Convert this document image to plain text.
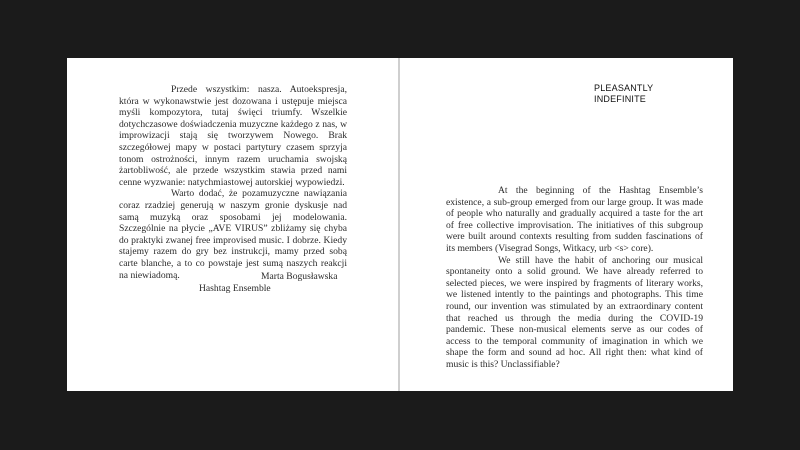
Przede wszystkim: nasza. Autoekspresja, która w wykonawstwie jest dozowana i ustępuje miejsca myśli kompozytora, tutaj święci triumfy. Wszelkie dotychczasowe doświadczenia muzyczne każdego z nas, w improwizacji stają się tworzywem Nowego. Brak szczegółowej mapy w postaci partytury czasem sprzyja tonom ostrożności, innym razem uruchamia swojską żartobliwość, ale przede wszystkim stawia przed nami cenne wyzwanie: natychmiastowej autorskiej wypowiedzi.

Warto dodać, że pozamuzyczne nawiązania coraz rzadziej generują w naszym gronie dyskusje nad samą muzyką oraz sposobami jej modelowania. Szczególnie na płycie „AVE VIRUS” zbliżamy się chyba do praktyki zwanej free improvised music. I dobrze. Kiedy stajemy razem do gry bez instrukcji, mamy przed sobą carte blanche, a to co powstaje jest sumą naszych reakcji na niewiadomą.	Marta Bogusławska
Hashtag Ensemble
PLEASANTLY
INDEFINITE

At the beginning of the Hashtag Ensemble’s existence, a sub-group emerged from our large group. It was made of people who naturally and gradually acquired a taste for the art of free collective improvisation. The initiatives of this subgroup were built around contexts resulting from sudden fascinations of its members (Visegrad Songs, Witkacy, urb <s> core).

We still have the habit of anchoring our musical spontaneity onto a solid ground. We have already referred to selected pieces, we were inspired by fragments of literary works, we listened intently to the paintings and photographs. This time round, our invention was stimulated by an extraordinary content that reached us through the media during the COVID-19 pandemic. These non-musical elements serve as our codes of access to the temporal community of imagination in which we shape the form and sound ad hoc. All right then: what kind of music is this? Unclassifiable?
